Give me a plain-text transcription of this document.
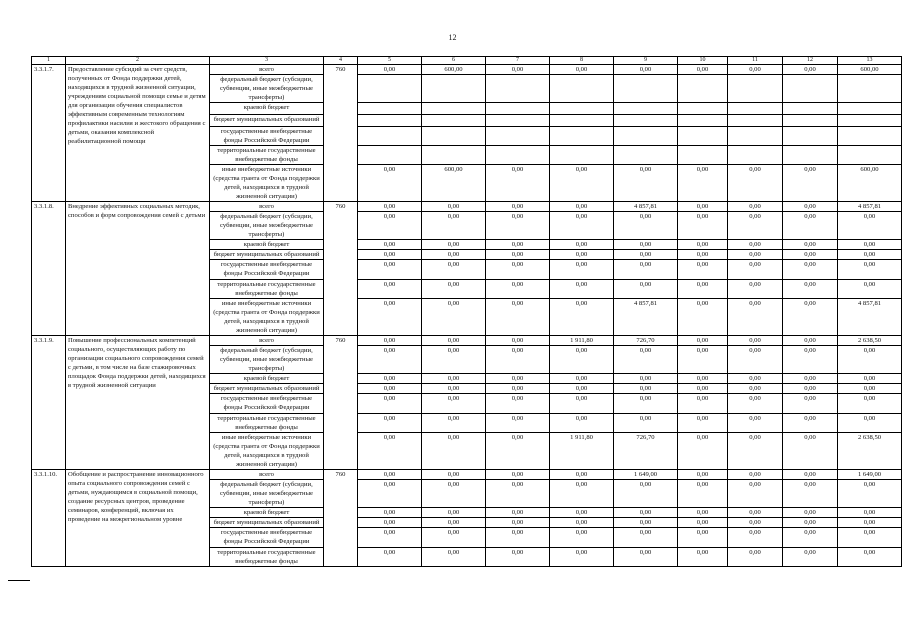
12
1	2	3	4	5	6	7	8	9	10	11	12	13
3.3.1.7.	Предоставление субсидий за счет средств, полученных от Фонда поддержки детей, находящихся в трудной жизненной ситуации, учреждениям социальной помощи семье и детям для организации обучения специалистов эффективным современным технологиям профилактики насилия и жестокого обращения с детьми, оказания комплексной реабилитационной помощи	всего	760	0,00	600,00	0,00	0,00	0,00	0,00	0,00	0,00	600,00
		федеральный бюджет (субсидии, субвенции, иные межбюджетные трансферты)										
		краевой бюджет										
		бюджет муниципальных образований										
		государственные внебюджетные фонды Российской Федерации										
		территориальные государственные внебюджетные фонды										
		иные внебюджетные источники (средства гранта от Фонда поддержки детей, находящихся в трудной жизненной ситуации)		0,00	600,00	0,00	0,00	0,00	0,00	0,00	0,00	600,00
3.3.1.8.	Внедрение эффективных социальных методик, способов и форм сопровождения семей с детьми	всего	760	0,00	0,00	0,00	0,00	4 857,81	0,00	0,00	0,00	4 857,81
		федеральный бюджет (субсидии, субвенции, иные межбюджетные трансферты)		0,00	0,00	0,00	0,00	0,00	0,00	0,00	0,00	0,00
		краевой бюджет		0,00	0,00	0,00	0,00	0,00	0,00	0,00	0,00	0,00
		бюджет муниципальных образований		0,00	0,00	0,00	0,00	0,00	0,00	0,00	0,00	0,00
		государственные внебюджетные фонды Российской Федерации		0,00	0,00	0,00	0,00	0,00	0,00	0,00	0,00	0,00
		территориальные государственные внебюджетные фонды		0,00	0,00	0,00	0,00	0,00	0,00	0,00	0,00	0,00
		иные внебюджетные источники (средства гранта от Фонда поддержки детей, находящихся в трудной жизненной ситуации)		0,00	0,00	0,00	0,00	4 857,81	0,00	0,00	0,00	4 857,81
3.3.1.9.	Повышение профессиональных компетенций социального, осуществляющих работу по организации социального сопровождения семей с детьми, в том числе на базе стажировочных площадок Фонда поддержки детей, находящихся в трудной жизненной ситуации	всего	760	0,00	0,00	0,00	1 911,80	726,70	0,00	0,00	0,00	2 638,50
		федеральный бюджет (субсидии, субвенции, иные межбюджетные трансферты)		0,00	0,00	0,00	0,00	0,00	0,00	0,00	0,00	0,00
		краевой бюджет		0,00	0,00	0,00	0,00	0,00	0,00	0,00	0,00	0,00
		бюджет муниципальных образований		0,00	0,00	0,00	0,00	0,00	0,00	0,00	0,00	0,00
		государственные внебюджетные фонды Российской Федерации		0,00	0,00	0,00	0,00	0,00	0,00	0,00	0,00	0,00
		территориальные государственные внебюджетные фонды		0,00	0,00	0,00	0,00	0,00	0,00	0,00	0,00	0,00
		иные внебюджетные источники (средства гранта от Фонда поддержки детей, находящихся в трудной жизненной ситуации)		0,00	0,00	0,00	1 911,80	726,70	0,00	0,00	0,00	2 638,50
3.3.1.10.	Обобщение и распространение инновационного опыта социального сопровождения семей с детьми, нуждающимся в социальной помощи, создание ресурсных центров, проведение семинаров, конференций, включая их проведение на межрегиональном уровне	всего	760	0,00	0,00	0,00	0,00	1 649,00	0,00	0,00	0,00	1 649,00
		федеральный бюджет (субсидии, субвенции, иные межбюджетные трансферты)		0,00	0,00	0,00	0,00	0,00	0,00	0,00	0,00	0,00
		краевой бюджет		0,00	0,00	0,00	0,00	0,00	0,00	0,00	0,00	0,00
		бюджет муниципальных образований		0,00	0,00	0,00	0,00	0,00	0,00	0,00	0,00	0,00
		государственные внебюджетные фонды Российской Федерации		0,00	0,00	0,00	0,00	0,00	0,00	0,00	0,00	0,00
		территориальные государственные внебюджетные фонды		0,00	0,00	0,00	0,00	0,00	0,00	0,00	0,00	0,00
